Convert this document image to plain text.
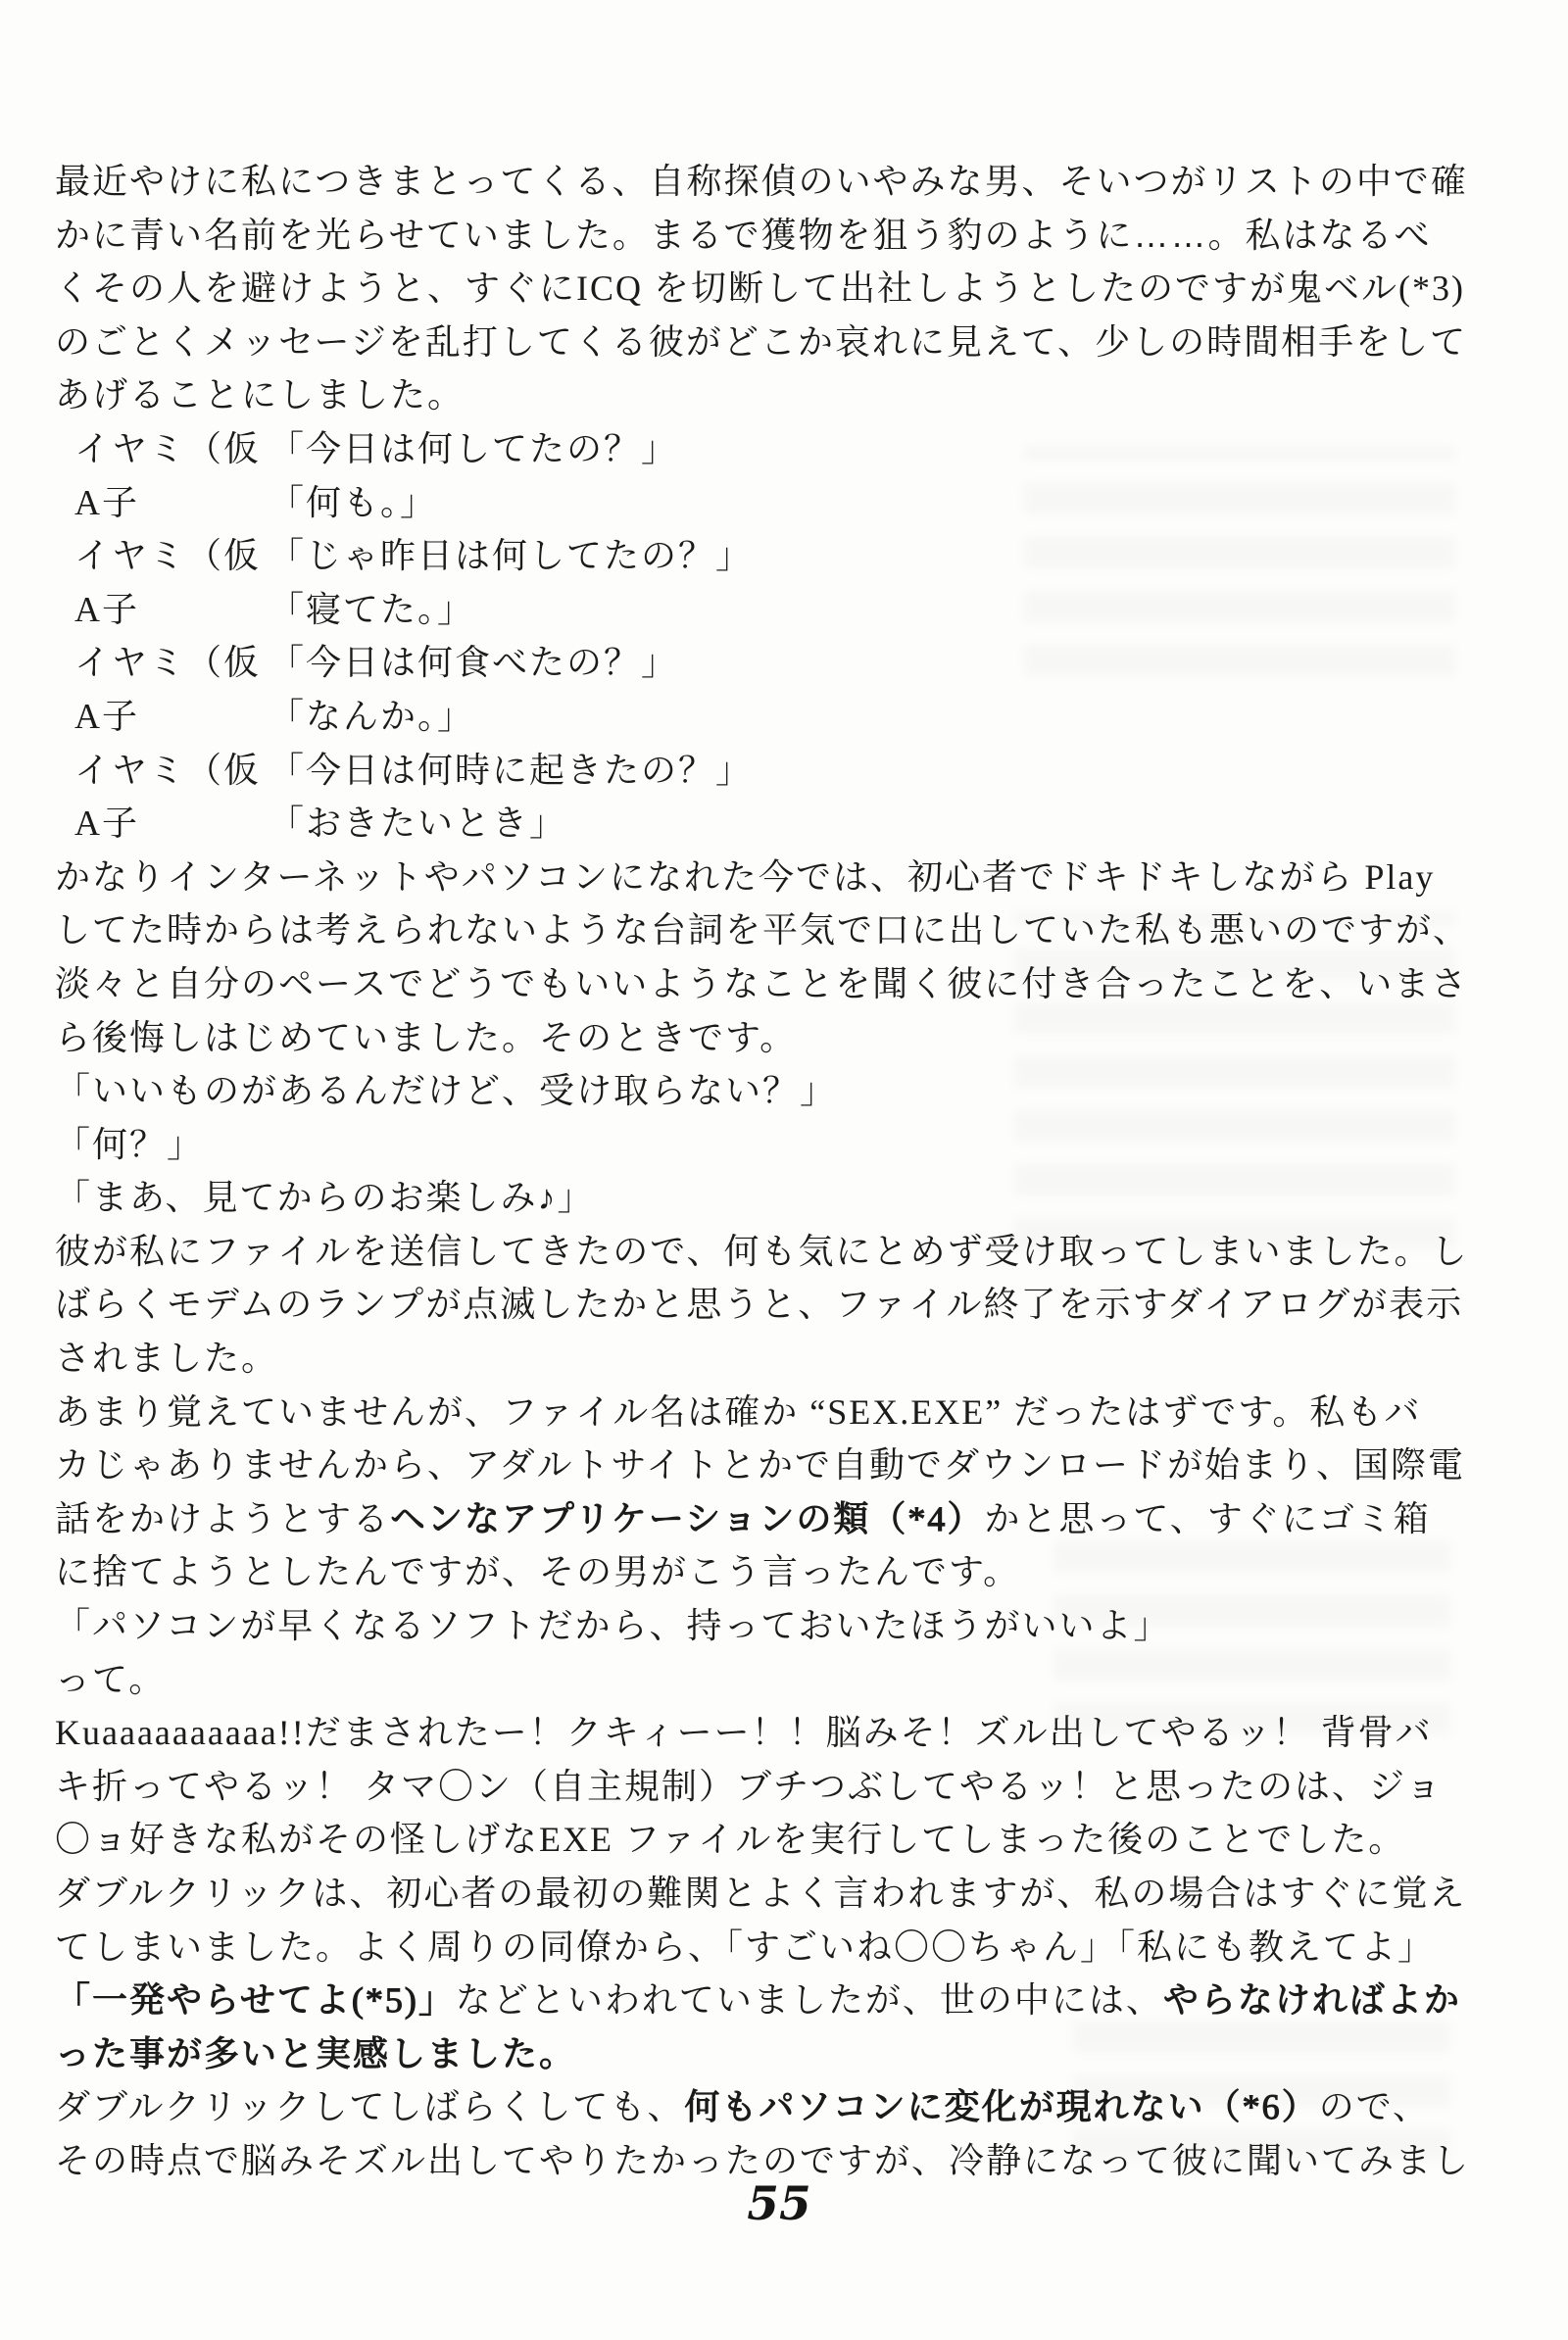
最近やけに私につきまとってくる、自称探偵のいやみな男、そいつがリストの中で確
かに青い名前を光らせていました。まるで獲物を狙う豹のように……。私はなるべ
くその人を避けようと、すぐにICQ を切断して出社しようとしたのですが鬼ベル(*3)
のごとくメッセージを乱打してくる彼がどこか哀れに見えて、少しの時間相手をして
あげることにしました。
イヤミ（仮 「今日は何してたの？」
A子	「何も。」
イヤミ（仮 「じゃ昨日は何してたの？」
A子	「寝てた。」
イヤミ（仮 「今日は何食べたの？」
A子	「なんか。」
イヤミ（仮 「今日は何時に起きたの？」
A子	「おきたいとき」
かなりインターネットやパソコンになれた今では、初心者でドキドキしながら Play
してた時からは考えられないような台詞を平気で口に出していた私も悪いのですが、
淡々と自分のペースでどうでもいいようなことを聞く彼に付き合ったことを、いまさ
ら後悔しはじめていました。そのときです。
「いいものがあるんだけど、受け取らない？」
「何？」
「まあ、見てからのお楽しみ♪」
彼が私にファイルを送信してきたので、何も気にとめず受け取ってしまいました。し
ばらくモデムのランプが点滅したかと思うと、ファイル終了を示すダイアログが表示
されました。
あまり覚えていませんが、ファイル名は確か “SEX.EXE” だったはずです。私もバ
カじゃありませんから、アダルトサイトとかで自動でダウンロードが始まり、国際電
話をかけようとするヘンなアプリケーションの類（*4）かと思って、すぐにゴミ箱
に捨てようとしたんですが、その男がこう言ったんです。
「パソコンが早くなるソフトだから、持っておいたほうがいいよ」
って。
Kuaaaaaaaaaa!!だまされたー！クキィーー！！脳みそ！ズル出してやるッ！ 背骨バ
キ折ってやるッ！ タマ〇ン（自主規制）ブチつぶしてやるッ！と思ったのは、ジョ
〇ョ好きな私がその怪しげなEXE ファイルを実行してしまった後のことでした。
ダブルクリックは、初心者の最初の難関とよく言われますが、私の場合はすぐに覚え
てしまいました。よく周りの同僚から、「すごいね〇〇ちゃん」「私にも教えてよ」
「一発やらせてよ(*5)」などといわれていましたが、世の中には、やらなければよか
った事が多いと実感しました。
ダブルクリックしてしばらくしても、何もパソコンに変化が現れない（*6）ので、
その時点で脳みそズル出してやりたかったのですが、冷静になって彼に聞いてみまし
55
